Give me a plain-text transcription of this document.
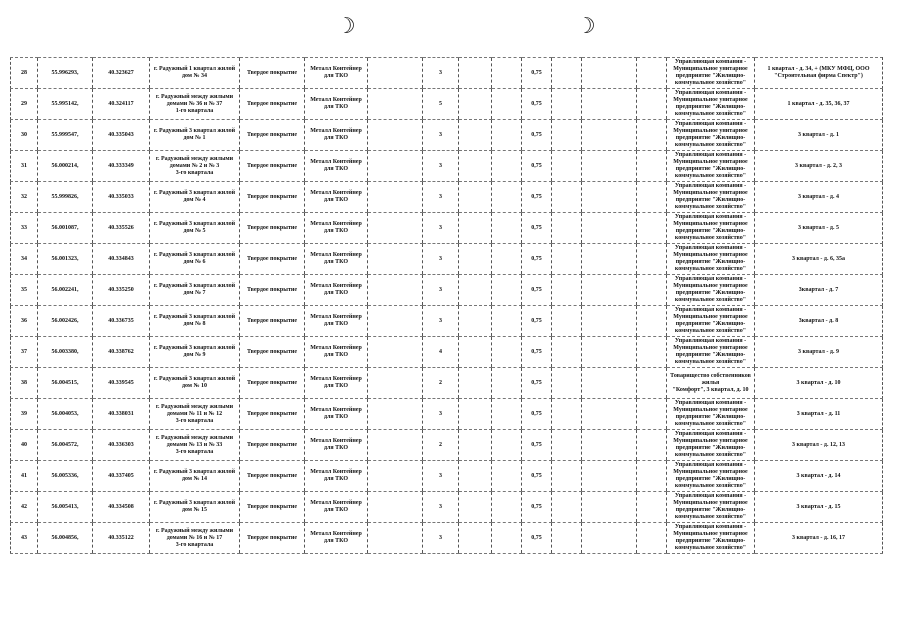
☽	☽
28	55.996293,	40.323627	г. Радужный 1 квартал жилой
дом № 34	Твердое покрытие	Металл Контейнер
для ТКО		3			0,75				Управляющая компания -
Муниципальное унитарное
предприятие "Жилищно-
коммунальное хозяйство"	1 квартал - д. 34, + (МКУ МФЦ, ООО
"Строительная фирма Спектр")
29	55.995142,	40.324117	г. Радужный между жилыми
домами № 36 и № 37
1-го квартала	Твердое покрытие	Металл Контейнер
для ТКО		5			0,75				Управляющая компания -
Муниципальное унитарное
предприятие "Жилищно-
коммунальное хозяйство"	1 квартал - д. 35, 36, 37
30	55.999547,	40.335043	г. Радужный 3 квартал жилой
дом № 1	Твердое покрытие	Металл Контейнер
для ТКО		3			0,75				Управляющая компания -
Муниципальное унитарное
предприятие "Жилищно-
коммунальное хозяйство"	3 квартал - д. 1
31	56.000214,	40.333349	г. Радужный между жилыми
домами № 2 и № 3
3-го квартала	Твердое покрытие	Металл Контейнер
для ТКО		3			0,75				Управляющая компания -
Муниципальное унитарное
предприятие "Жилищно-
коммунальное хозяйство"	3 квартал - д. 2, 3
32	55.999826,	40.335033	г. Радужный 3 квартал жилой
дом № 4	Твердое покрытие	Металл Контейнер
для ТКО		3			0,75				Управляющая компания -
Муниципальное унитарное
предприятие "Жилищно-
коммунальное хозяйство"	3 квартал - д. 4
33	56.001087,	40.335526	г. Радужный 3 квартал жилой
дом № 5	Твердое покрытие	Металл Контейнер
для ТКО		3			0,75				Управляющая компания -
Муниципальное унитарное
предприятие "Жилищно-
коммунальное хозяйство"	3 квартал - д. 5
34	56.001323,	40.334843	г. Радужный 3 квартал жилой
дом № 6	Твердое покрытие	Металл Контейнер
для ТКО		3			0,75				Управляющая компания -
Муниципальное унитарное
предприятие "Жилищно-
коммунальное хозяйство"	3 квартал - д. 6, 35а
35	56.002241,	40.335250	г. Радужный 3 квартал жилой
дом № 7	Твердое покрытие	Металл Контейнер
для ТКО		3			0,75				Управляющая компания -
Муниципальное унитарное
предприятие "Жилищно-
коммунальное хозяйство"	3квартал - д. 7
36	56.002426,	40.336735	г. Радужный 3 квартал жилой
дом № 8	Твердое покрытие	Металл Контейнер
для ТКО		3			0,75				Управляющая компания -
Муниципальное унитарное
предприятие "Жилищно-
коммунальное хозяйство"	3квартал - д. 8
37	56.003380,	40.338762	г. Радужный 3 квартал жилой
дом № 9	Твердое покрытие	Металл Контейнер
для ТКО		4			0,75				Управляющая компания -
Муниципальное унитарное
предприятие "Жилищно-
коммунальное хозяйство"	3 квартал - д. 9
38	56.004515,	40.339545	г. Радужный 3 квартал жилой
дом № 10	Твердое покрытие	Металл Контейнер
для ТКО		2			0,75				Товарищество собственников жилья
"Комфорт", 3 квартал, д. 10	3 квартал - д. 10
39	56.004053,	40.338031	г. Радужный между жилыми
домами № 11 и № 12
3-го квартала	Твердое покрытие	Металл Контейнер
для ТКО		3			0,75				Управляющая компания -
Муниципальное унитарное
предприятие "Жилищно-
коммунальное хозяйство"	3 квартал - д. 11
40	56.004572,	40.336303	г. Радужный между жилыми
домами № 13 и № 33
3-го квартала	Твердое покрытие	Металл Контейнер
для ТКО		2			0,75				Управляющая компания -
Муниципальное унитарное
предприятие "Жилищно-
коммунальное хозяйство"	3 квартал - д. 12, 13
41	56.005336,	40.337405	г. Радужный 3 квартал жилой
дом № 14	Твердое покрытие	Металл Контейнер
для ТКО		3			0,75				Управляющая компания -
Муниципальное унитарное
предприятие "Жилищно-
коммунальное хозяйство"	3 квартал - д. 14
42	56.005413,	40.334508	г. Радужный 3 квартал жилой
дом № 15	Твердое покрытие	Металл Контейнер
для ТКО		3			0,75				Управляющая компания -
Муниципальное унитарное
предприятие "Жилищно-
коммунальное хозяйство"	3 квартал - д. 15
43	56.004856,	40.335122	г. Радужный между жилыми
домами № 16 и № 17
3-го квартала	Твердое покрытие	Металл Контейнер
для ТКО		3			0,75				Управляющая компания -
Муниципальное унитарное
предприятие "Жилищно-
коммунальное хозяйство"	3 квартал - д. 16, 17
